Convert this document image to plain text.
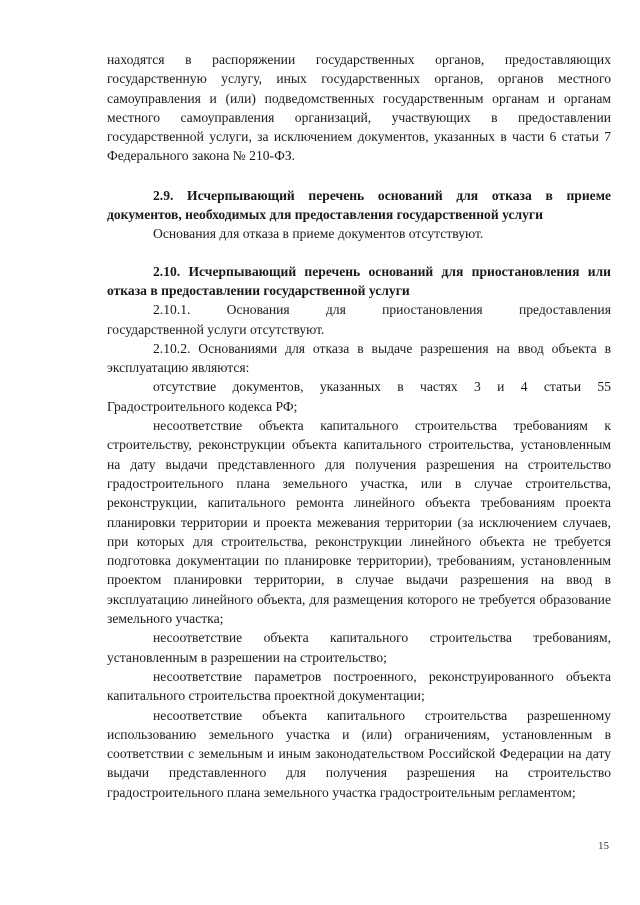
находятся в распоряжении государственных органов, предоставляющих государственную услугу, иных государственных органов, органов местного самоуправления и (или) подведомственных государственным органам и органам местного самоуправления организаций, участвующих в предоставлении государственной услуги, за исключением документов, указанных в части 6 статьи 7 Федерального закона № 210-ФЗ.

2.9. Исчерпывающий перечень оснований для отказа в приеме документов, необходимых для предоставления государственной услуги

Основания для отказа в приеме документов отсутствуют.

2.10. Исчерпывающий перечень оснований для приостановления или отказа в предоставлении государственной услуги

2.10.1.	Основания	для	приостановления	предоставления

государственной услуги отсутствуют.

2.10.2. Основаниями для отказа в выдаче разрешения на ввод объекта в эксплуатацию являются:

отсутствие документов, указанных в частях 3 и 4 статьи 55 Градостроительного кодекса РФ;

несоответствие объекта капитального строительства требованиям к строительству, реконструкции объекта капитального строительства, установленным на дату выдачи представленного для получения разрешения на строительство градостроительного плана земельного участка, или в случае строительства, реконструкции, капитального ремонта линейного объекта требованиям проекта планировки территории и проекта межевания территории (за исключением случаев, при которых для строительства, реконструкции линейного объекта не требуется подготовка документации по планировке территории), требованиям, установленным проектом планировки территории, в случае выдачи разрешения на ввод в эксплуатацию линейного объекта, для размещения которого не требуется образование земельного участка;

несоответствие объекта капитального строительства требованиям, установленным в разрешении на строительство;

несоответствие параметров построенного, реконструированного объекта капитального строительства проектной документации;

несоответствие объекта капитального строительства разрешенному использованию земельного участка и (или) ограничениям, установленным в соответствии с земельным и иным законодательством Российской Федерации на дату выдачи представленного для получения разрешения на строительство градостроительного плана земельного участка градостроительным регламентом;

15
